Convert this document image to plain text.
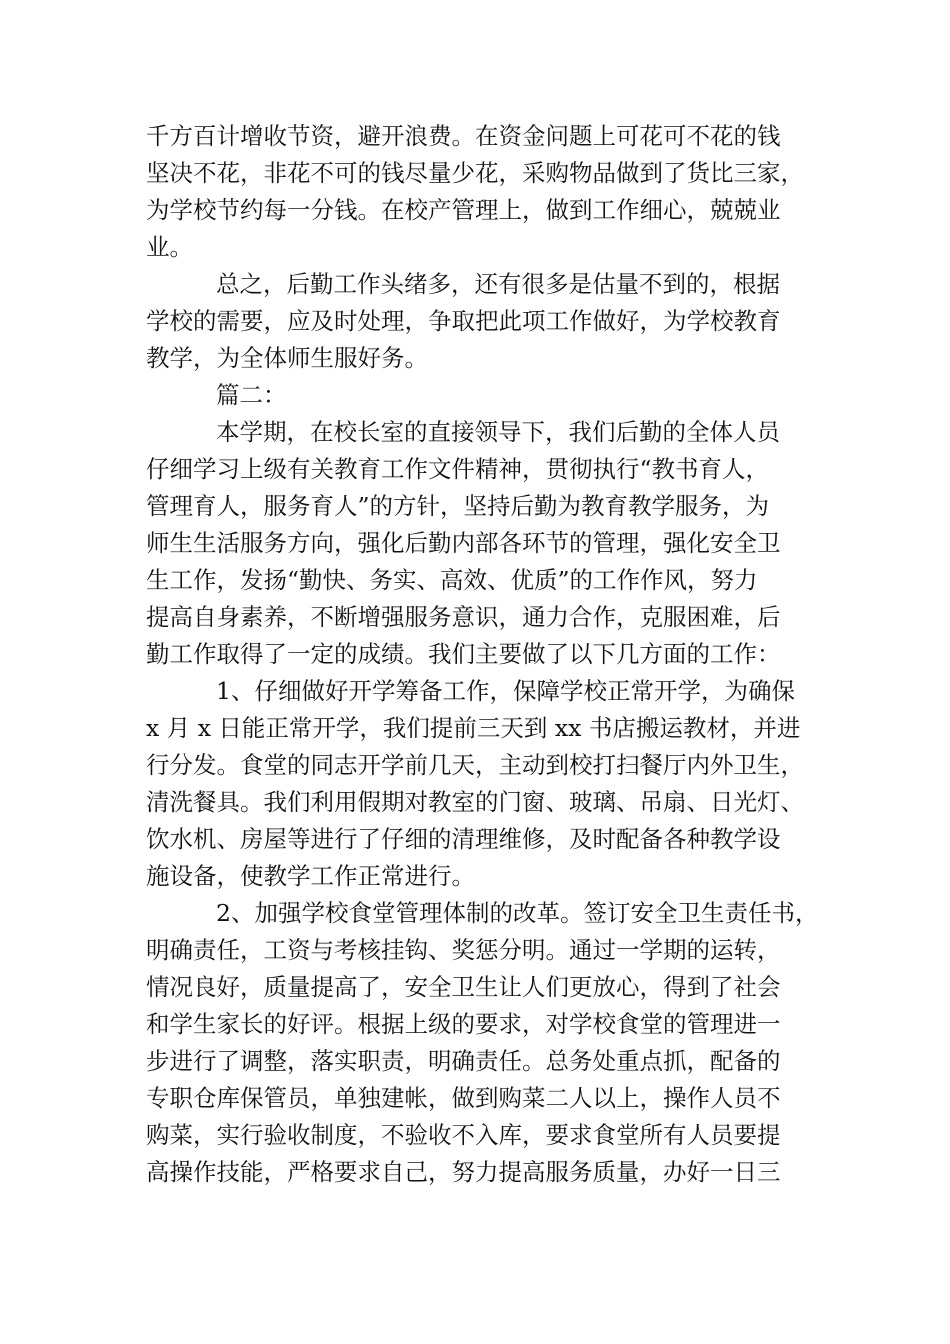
千方百计增收节资，避开浪费。在资金问题上可花可不花的钱
坚决不花，非花不可的钱尽量少花，采购物品做到了货比三家，
为学校节约每一分钱。在校产管理上，做到工作细心，兢兢业
业。
总之，后勤工作头绪多，还有很多是估量不到的，根据
学校的需要，应及时处理，争取把此项工作做好，为学校教育
教学，为全体师生服好务。
篇二：
本学期，在校长室的直接领导下，我们后勤的全体人员
仔细学习上级有关教育工作文件精神，贯彻执行“教书育人，
管理育人，服务育人”的方针，坚持后勤为教育教学服务，为
师生生活服务方向，强化后勤内部各环节的管理，强化安全卫
生工作，发扬“勤快、务实、高效、优质”的工作作风，努力
提高自身素养，不断增强服务意识，通力合作，克服困难，后
勤工作取得了一定的成绩。我们主要做了以下几方面的工作：
1、仔细做好开学筹备工作，保障学校正常开学，为确保
x 月 x 日能正常开学，我们提前三天到 xx 书店搬运教材，并进
行分发。食堂的同志开学前几天，主动到校打扫餐厅内外卫生，
清洗餐具。我们利用假期对教室的门窗、玻璃、吊扇、日光灯、
饮水机、房屋等进行了仔细的清理维修，及时配备各种教学设
施设备，使教学工作正常进行。
2、加强学校食堂管理体制的改革。签订安全卫生责任书，
明确责任，工资与考核挂钩、奖惩分明。通过一学期的运转，
情况良好，质量提高了，安全卫生让人们更放心，得到了社会
和学生家长的好评。根据上级的要求，对学校食堂的管理进一
步进行了调整，落实职责，明确责任。总务处重点抓，配备的
专职仓库保管员，单独建帐，做到购菜二人以上，操作人员不
购菜，实行验收制度，不验收不入库，要求食堂所有人员要提
高操作技能，严格要求自己，努力提高服务质量，办好一日三
